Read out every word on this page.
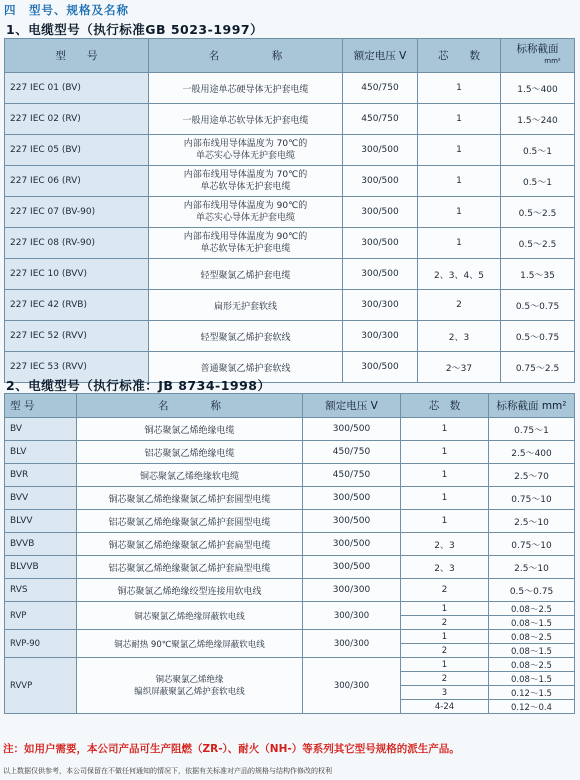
四　型号、规格及名称
1、电缆型号（执行标准GB 5023-1997）
型　　号	名　　　　　称	额定电压 V	芯　　数	标称截面
mm²
227 IEC 01 (BV)	一般用途单芯硬导体无护套电缆	450/750	1	1.5～400
227 IEC 02 (RV)	一般用途单芯软导体无护套电缆	450/750	1	1.5～240
227 IEC 05 (BV)	内部布线用导体温度为 70℃的
单芯实心导体无护套电缆	300/500	1	0.5～1
227 IEC 06 (RV)	内部布线用导体温度为 70℃的
单芯软导体无护套电缆	300/500	1	0.5～1
227 IEC 07 (BV-90)	内部布线用导体温度为 90℃的
单芯实心导体无护套电缆	300/500	1	0.5～2.5
227 IEC 08 (RV-90)	内部布线用导体温度为 90℃的
单芯软导体无护套电缆	300/500	1	0.5～2.5
227 IEC 10 (BVV)	轻型聚氯乙烯护套电缆	300/500	2、3、4、5	1.5～35
227 IEC 42 (RVB)	扁形无护套软线	300/300	2	0.5～0.75
227 IEC 52 (RVV)	轻型聚氯乙烯护套软线	300/300	2、3	0.5～0.75
227 IEC 53 (RVV)	普通聚氯乙烯护套软线	300/500	2～37	0.75～2.5
2、电缆型号（执行标准：JB 8734-1998）
型 号	名　　　　称	额定电压 V	芯　数	标称截面 mm²
BV	铜芯聚氯乙烯绝缘电缆	300/500	1	0.75～1
BLV	铝芯聚氯乙烯绝缘电缆	450/750	1	2.5～400
BVR	铜芯聚氯乙烯绝缘软电缆	450/750	1	2.5～70
BVV	铜芯聚氯乙烯绝缘聚氯乙烯护套圆型电缆	300/500	1	0.75～10
BLVV	铝芯聚氯乙烯绝缘聚氯乙烯护套圆型电缆	300/500	1	2.5～10
BVVB	铜芯聚氯乙烯绝缘聚氯乙烯护套扁型电缆	300/500	2、3	0.75～10
BLVVB	铝芯聚氯乙烯绝缘聚氯乙烯护套扁型电缆	300/500	2、3	2.5～10
RVS	铜芯聚氯乙烯绝缘绞型连接用软电线	300/300	2	0.5～0.75
RVP	铜芯聚氯乙烯绝缘屏蔽软电线	300/300	1	0.08～2.5
			2	0.08～1.5
RVP-90	铜芯耐热 90℃聚氯乙烯绝缘屏蔽软电线	300/300	1	0.08～2.5
			2	0.08～1.5
RVVP	铜芯聚氯乙烯绝缘
编织屏蔽聚氯乙烯护套软电线	300/300	1	0.08～2.5
			2	0.08～1.5
			3	0.12～1.5
			4-24	0.12～0.4
注：如用户需要，本公司产品可生产阻燃（ZR-）、耐火（NH-）等系列其它型号规格的派生产品。
以上数据仅供参考，本公司保留在不做任何通知的情况下，依据有关标准对产品的规格与结构作修改的权利
